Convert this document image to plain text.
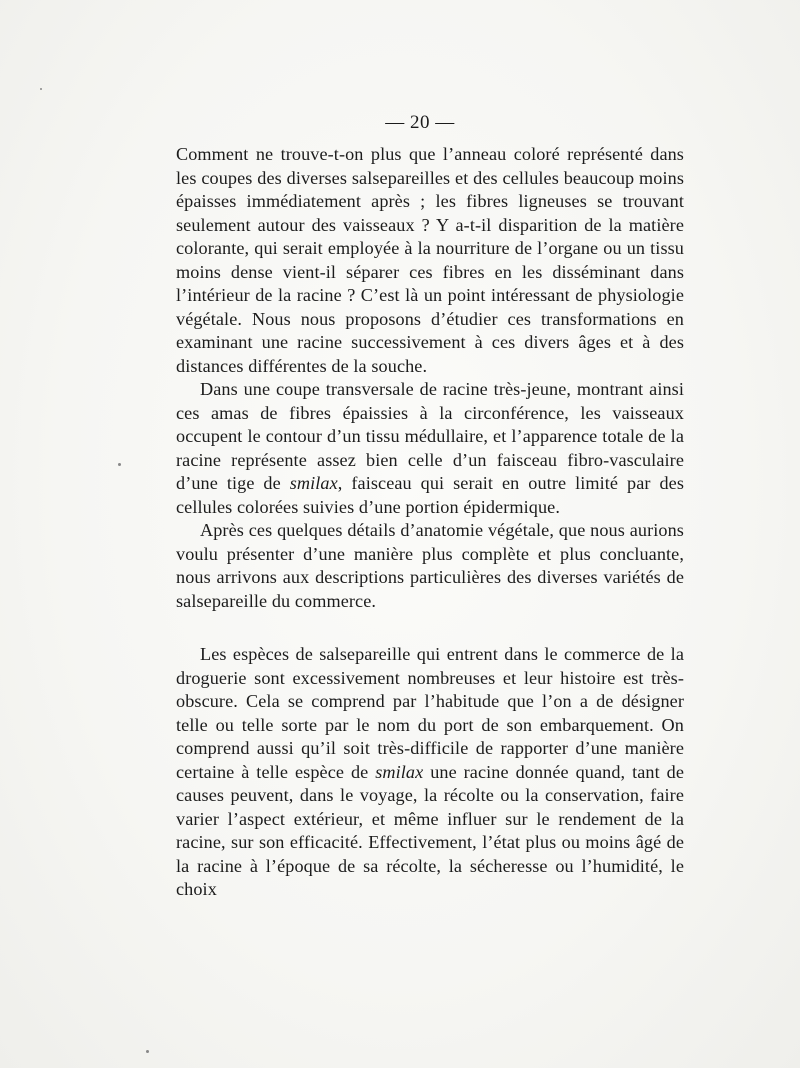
— 20 —

Comment ne trouve-t-on plus que l’anneau coloré représenté dans les coupes des diverses salsepareilles et des cellules beaucoup moins épaisses immédiatement après ; les fibres ligneuses se trouvant seulement autour des vaisseaux ? Y a-t-il disparition de la matière colorante, qui serait employée à la nourriture de l’organe ou un tissu moins dense vient-il séparer ces fibres en les disséminant dans l’intérieur de la racine ? C’est là un point intéressant de physiologie végétale. Nous nous proposons d’étudier ces transformations en examinant une racine successivement à ces divers âges et à des distances différentes de la souche.

Dans une coupe transversale de racine très-jeune, montrant ainsi ces amas de fibres épaissies à la circonférence, les vaisseaux occupent le contour d’un tissu médullaire, et l’apparence totale de la racine représente assez bien celle d’un faisceau fibro-vasculaire d’une tige de smilax, faisceau qui serait en outre limité par des cellules colorées suivies d’une portion épidermique.

Après ces quelques détails d’anatomie végétale, que nous aurions voulu présenter d’une manière plus complète et plus concluante, nous arrivons aux descriptions particulières des diverses variétés de salsepareille du commerce.

Les espèces de salsepareille qui entrent dans le commerce de la droguerie sont excessivement nombreuses et leur histoire est très-obscure. Cela se comprend par l’habitude que l’on a de désigner telle ou telle sorte par le nom du port de son embarquement. On comprend aussi qu’il soit très-difficile de rapporter d’une manière certaine à telle espèce de smilax une racine donnée quand, tant de causes peuvent, dans le voyage, la récolte ou la conservation, faire varier l’aspect extérieur, et même influer sur le rendement de la racine, sur son efficacité. Effectivement, l’état plus ou moins âgé de la racine à l’époque de sa récolte, la sécheresse ou l’humidité, le choix
